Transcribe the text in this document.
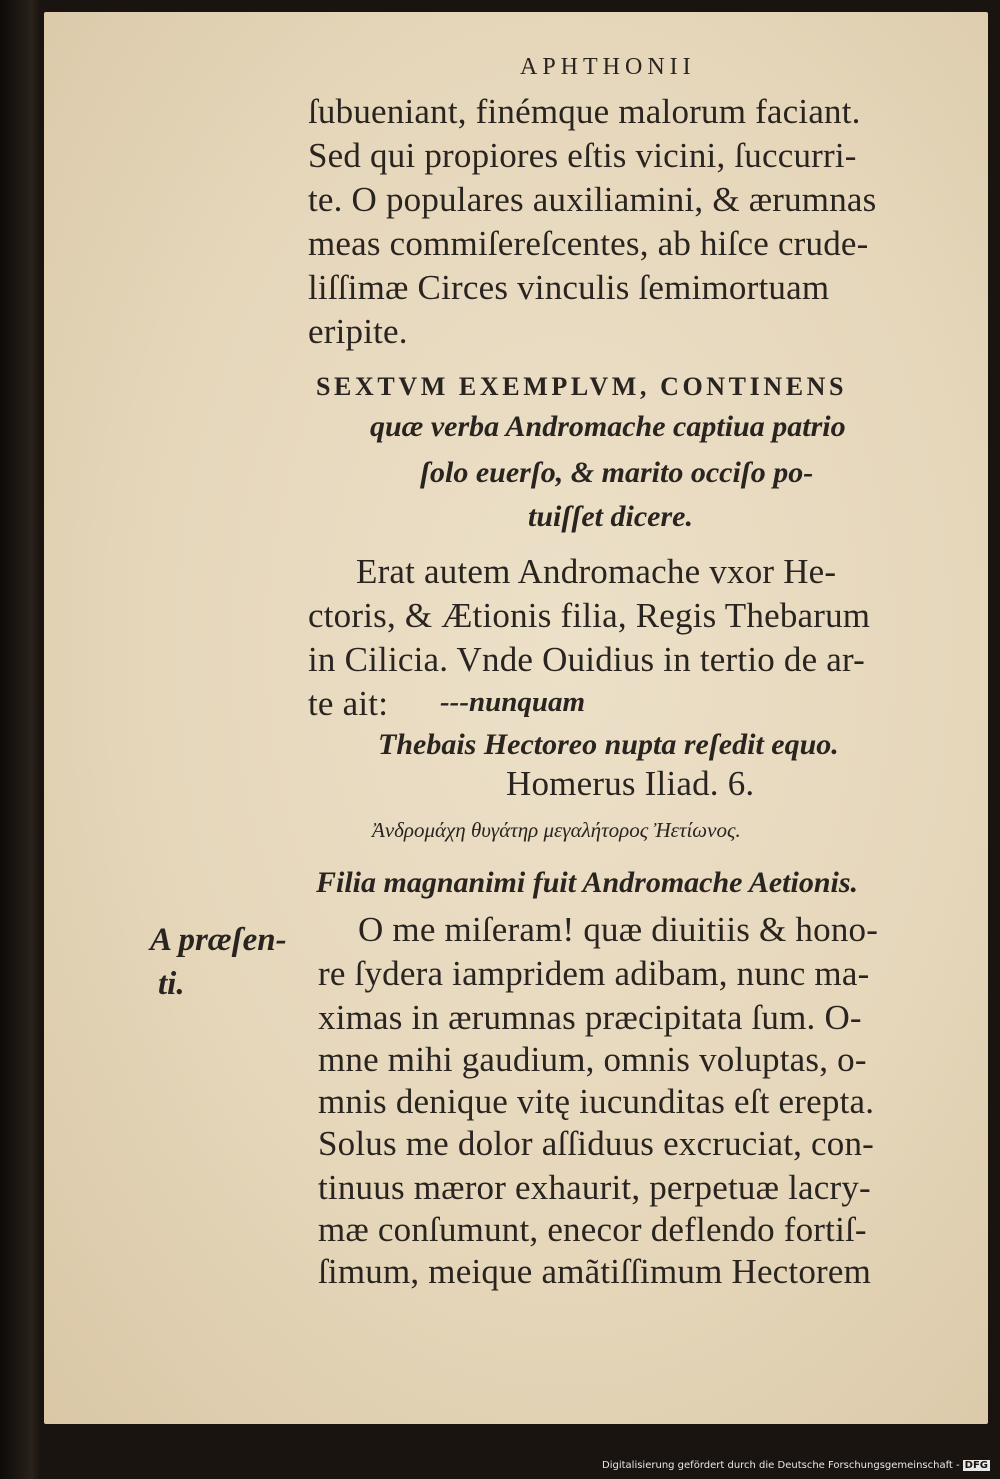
APHTHONII
ſubueniant, finémque malorum faciant.
Sed qui propiores eſtis vicini, ſuccurri-
te. O populares auxiliamini, & ærumnas
meas commiſereſcentes, ab hiſce crude-
liſſimæ Circes vinculis ſemimortuam
eripite.
SEXTVM EXEMPLVM, CONTINENS
quæ verba Andromache captiua patrio
ſolo euerſo, & marito occiſo po-
tuiſſet dicere.
Erat autem Andromache vxor He-
ctoris, & Ætionis filia, Regis Thebarum
in Cilicia. Vnde Ouidius in tertio de ar-
te ait: ---nunquam
Thebais Hectoreo nupta reſedit equo.
Homerus Iliad. 6.
Ἀνδρομάχη θυγάτηρ μεγαλήτορος Ἠετίωνος.
Filia magnanimi fuit Andromache Aetionis.
A præſen-
ti.
O me miſeram! quæ diuitiis & hono-
re ſydera iampridem adibam, nunc ma-
ximas in ærumnas præcipitata ſum. O-
mne mihi gaudium, omnis voluptas, o-
mnis denique vitę iucunditas eſt erepta.
Solus me dolor aſſiduus excruciat, con-
tinuus mæror exhaurit, perpetuæ lacry-
mæ conſumunt, enecor deflendo fortiſ-
ſimum, meique amãtiſſimum Hectorem
Digitalisierung gefördert durch die Deutsche Forschungsgemeinschaft - DFG
